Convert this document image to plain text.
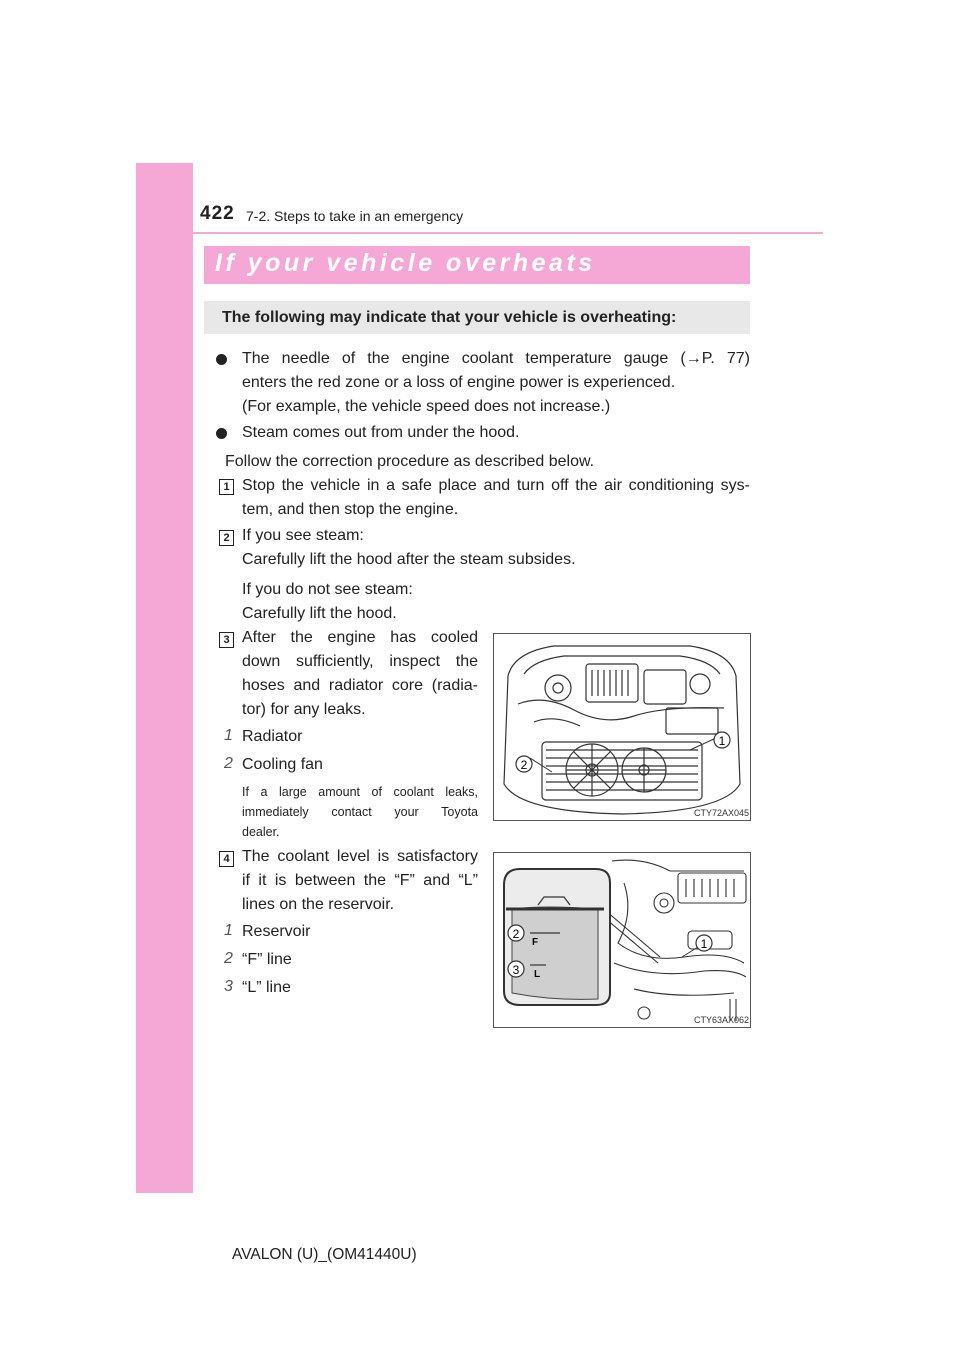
422 7-2. Steps to take in an emergency
If your vehicle overheats
The following may indicate that your vehicle is overheating:
The needle of the engine coolant temperature gauge (→P. 77)
enters the red zone or a loss of engine power is experienced.
(For example, the vehicle speed does not increase.)
Steam comes out from under the hood.
Follow the correction procedure as described below.
1 Stop the vehicle in a safe place and turn off the air conditioning sys-
tem, and then stop the engine.
2 If you see steam:
Carefully lift the hood after the steam subsides.
If you do not see steam:
Carefully lift the hood.
3 After the engine has cooled
down sufficiently, inspect the
hoses and radiator core (radia-
tor) for any leaks.
1 Radiator
2 Cooling fan
If a large amount of coolant leaks,
immediately contact your Toyota
dealer.
1
2
CTY72AX045
4 The coolant level is satisfactory
if it is between the “F” and “L”
lines on the reservoir.
1 Reservoir
2 “F” line
3 “L” line
F
L
2
3
1
CTY63AX062
AVALON (U)_(OM41440U)
